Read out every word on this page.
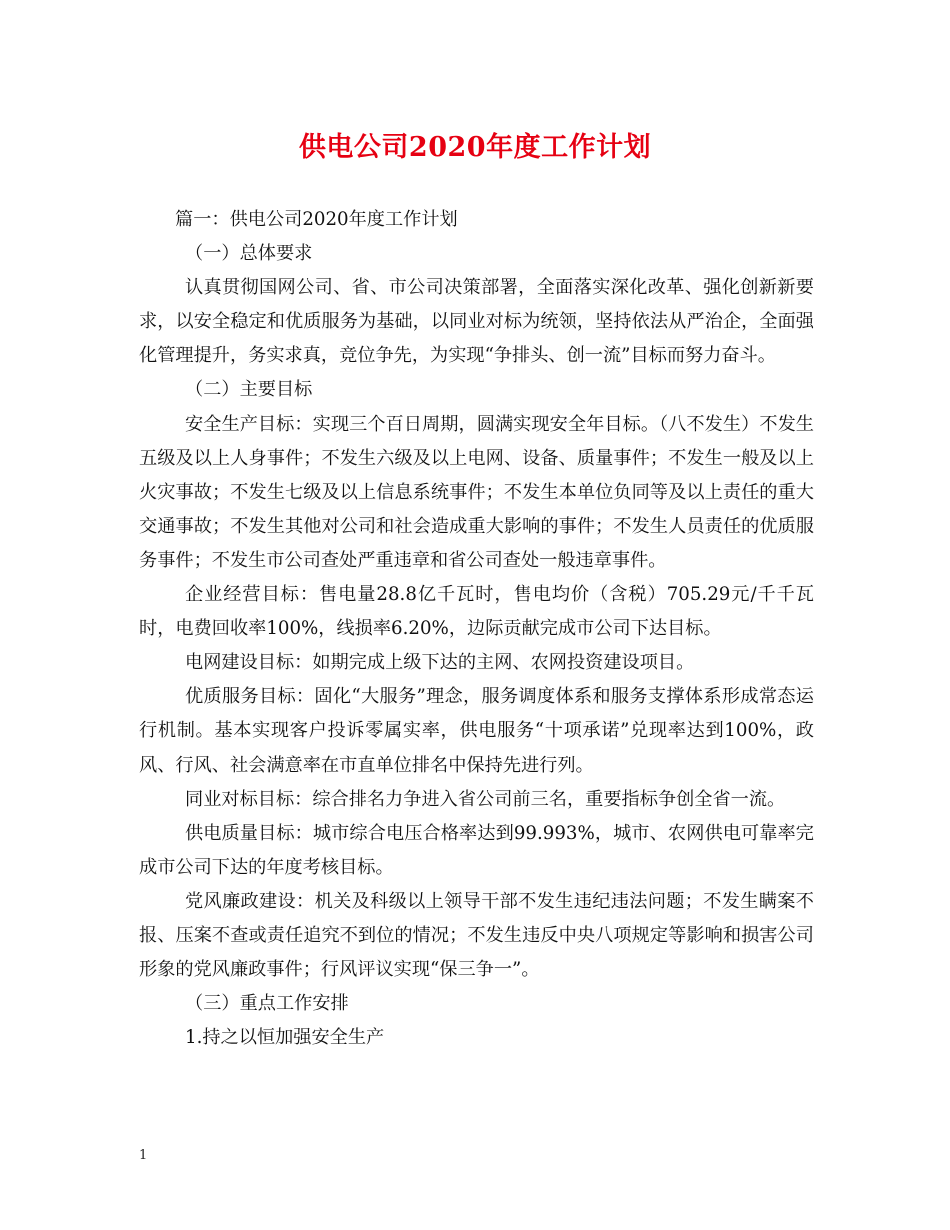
供电公司2020年度工作计划

篇一：供电公司2020年度工作计划

（一）总体要求

认真贯彻国网公司、省、市公司决策部署，全面落实深化改革、强化创新新要求，以安全稳定和优质服务为基础，以同业对标为统领，坚持依法从严治企，全面强化管理提升，务实求真，竞位争先，为实现“争排头、创一流”目标而努力奋斗。

（二）主要目标

安全生产目标：实现三个百日周期，圆满实现安全年目标。（八不发生）不发生五级及以上人身事件；不发生六级及以上电网、设备、质量事件；不发生一般及以上火灾事故；不发生七级及以上信息系统事件；不发生本单位负同等及以上责任的重大交通事故；不发生其他对公司和社会造成重大影响的事件；不发生人员责任的优质服务事件；不发生市公司查处严重违章和省公司查处一般违章事件。

企业经营目标：售电量28.8亿千瓦时，售电均价（含税）705.29元/千千瓦时，电费回收率100%，线损率6.20%，边际贡献完成市公司下达目标。

电网建设目标：如期完成上级下达的主网、农网投资建设项目。

优质服务目标：固化“大服务”理念，服务调度体系和服务支撑体系形成常态运行机制。基本实现客户投诉零属实率，供电服务“十项承诺”兑现率达到100%，政风、行风、社会满意率在市直单位排名中保持先进行列。

同业对标目标：综合排名力争进入省公司前三名，重要指标争创全省一流。

供电质量目标：城市综合电压合格率达到99.993%，城市、农网供电可靠率完成市公司下达的年度考核目标。

党风廉政建设：机关及科级以上领导干部不发生违纪违法问题；不发生瞒案不报、压案不查或责任追究不到位的情况；不发生违反中央八项规定等影响和损害公司形象的党风廉政事件；行风评议实现“保三争一”。

（三）重点工作安排

1.持之以恒加强安全生产

1
